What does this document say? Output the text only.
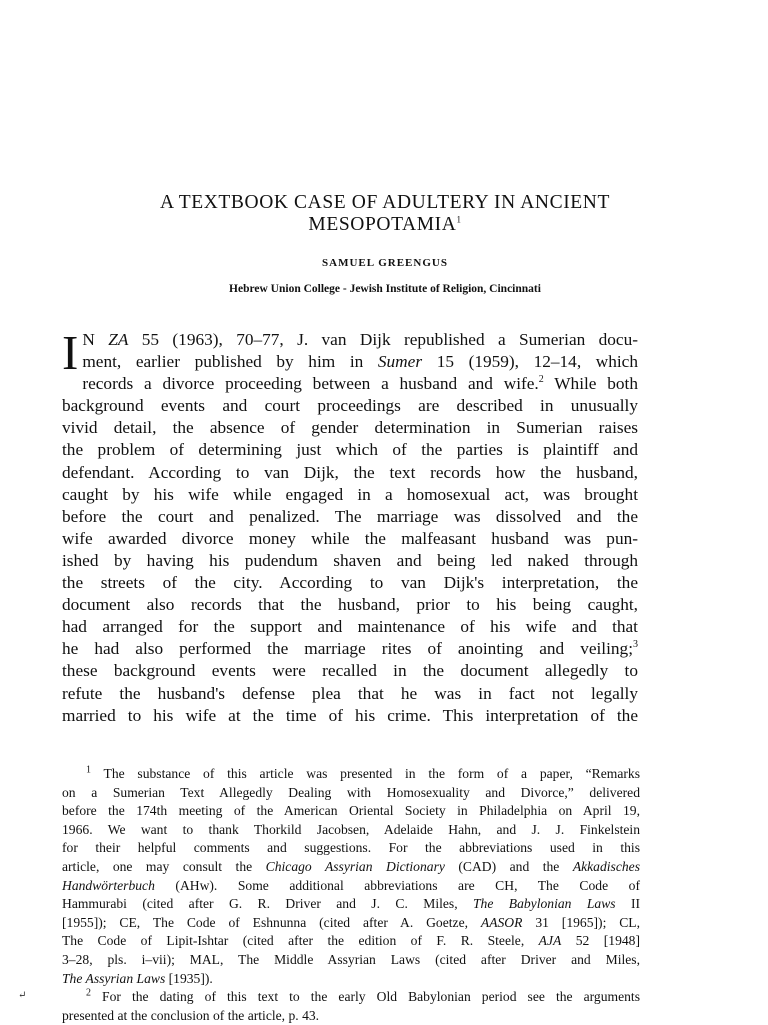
A TEXTBOOK CASE OF ADULTERY IN ANCIENT
MESOPOTAMIA$^1$
SAMUEL GREENGUS
Hebrew Union College - Jewish Institute of Religion, Cincinnati
I N ZA 55 (1963), 70–77, J. van Dijk republished a Sumerian docu-
ment, earlier published by him in Sumer 15 (1959), 12–14, which
records a divorce proceeding between a husband and wife.$^2$ While both
background events and court proceedings are described in unusually
vivid detail, the absence of gender determination in Sumerian raises
the problem of determining just which of the parties is plaintiff and
defendant. According to van Dijk, the text records how the husband,
caught by his wife while engaged in a homosexual act, was brought
before the court and penalized. The marriage was dissolved and the
wife awarded divorce money while the malfeasant husband was pun-
ished by having his pudendum shaven and being led naked through
the streets of the city. According to van Dijk's interpretation, the
document also records that the husband, prior to his being caught,
had arranged for the support and maintenance of his wife and that
he had also performed the marriage rites of anointing and veiling;$^3$
these background events were recalled in the document allegedly to
refute the husband's defense plea that he was in fact not legally
married to his wife at the time of his crime. This interpretation of the
$^1$ The substance of this article was presented in the form of a paper, “Remarks
on a Sumerian Text Allegedly Dealing with Homosexuality and Divorce,” delivered
before the 174th meeting of the American Oriental Society in Philadelphia on April 19,
1966. We want to thank Thorkild Jacobsen, Adelaide Hahn, and J. J. Finkelstein
for their helpful comments and suggestions. For the abbreviations used in this
article, one may consult the Chicago Assyrian Dictionary (CAD) and the Akkadisches
Handwörterbuch (AHw). Some additional abbreviations are CH, The Code of
Hammurabi (cited after G. R. Driver and J. C. Miles, The Babylonian Laws II
[1955]); CE, The Code of Eshnunna (cited after A. Goetze, AASOR 31 [1965]); CL,
The Code of Lipit-Ishtar (cited after the edition of F. R. Steele, AJA 52 [1948]
3–28, pls. i–vii); MAL, The Middle Assyrian Laws (cited after Driver and Miles,
The Assyrian Laws [1935]).
$^2$ For the dating of this text to the early Old Babylonian period see the arguments
presented at the conclusion of the article, p. 43.
↵
